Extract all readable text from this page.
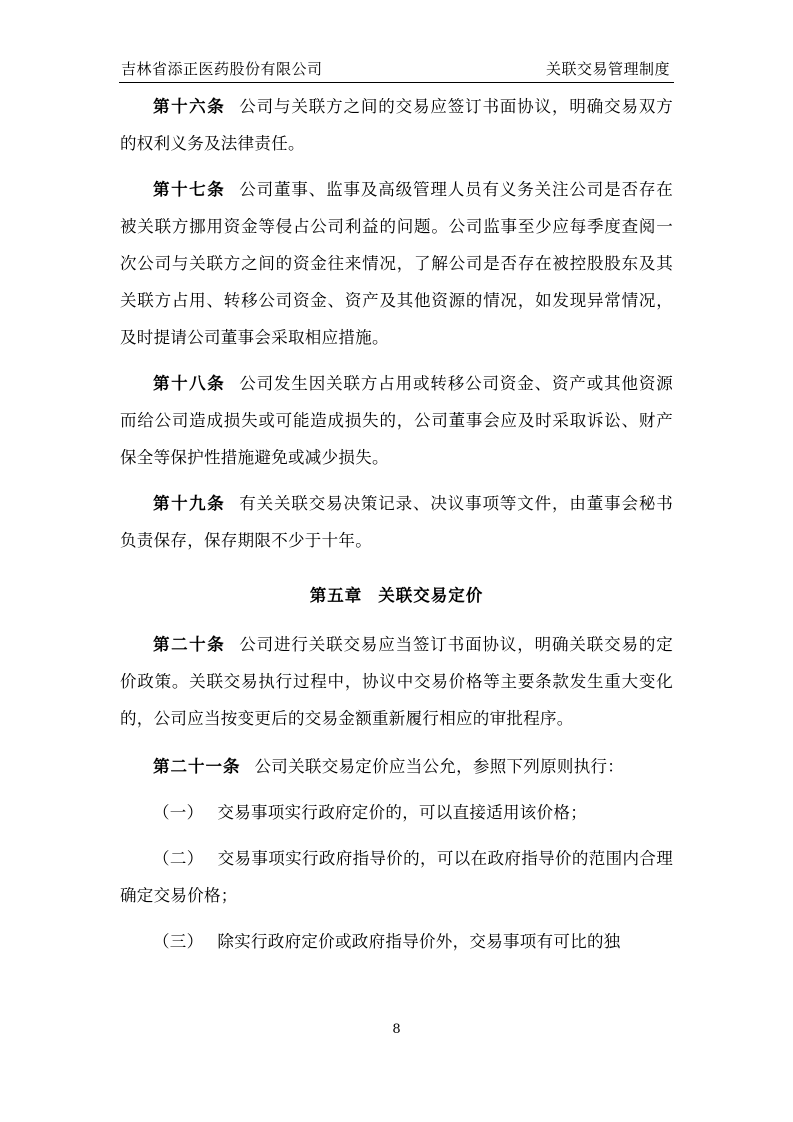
吉林省添正医药股份有限公司	关联交易管理制度

第十六条 公司与关联方之间的交易应签订书面协议，明确交易双方的权利义务及法律责任。

第十七条 公司董事、监事及高级管理人员有义务关注公司是否存在被关联方挪用资金等侵占公司利益的问题。公司监事至少应每季度查阅一次公司与关联方之间的资金往来情况，了解公司是否存在被控股股东及其关联方占用、转移公司资金、资产及其他资源的情况，如发现异常情况，及时提请公司董事会采取相应措施。

第十八条 公司发生因关联方占用或转移公司资金、资产或其他资源而给公司造成损失或可能造成损失的，公司董事会应及时采取诉讼、财产保全等保护性措施避免或减少损失。

第十九条 有关关联交易决策记录、决议事项等文件，由董事会秘书负责保存，保存期限不少于十年。

第五章 关联交易定价

第二十条 公司进行关联交易应当签订书面协议，明确关联交易的定价政策。关联交易执行过程中，协议中交易价格等主要条款发生重大变化的，公司应当按变更后的交易金额重新履行相应的审批程序。

第二十一条 公司关联交易定价应当公允，参照下列原则执行：

（一） 交易事项实行政府定价的，可以直接适用该价格；

（二） 交易事项实行政府指导价的，可以在政府指导价的范围内合理确定交易价格；

（三） 除实行政府定价或政府指导价外，交易事项有可比的独

8
